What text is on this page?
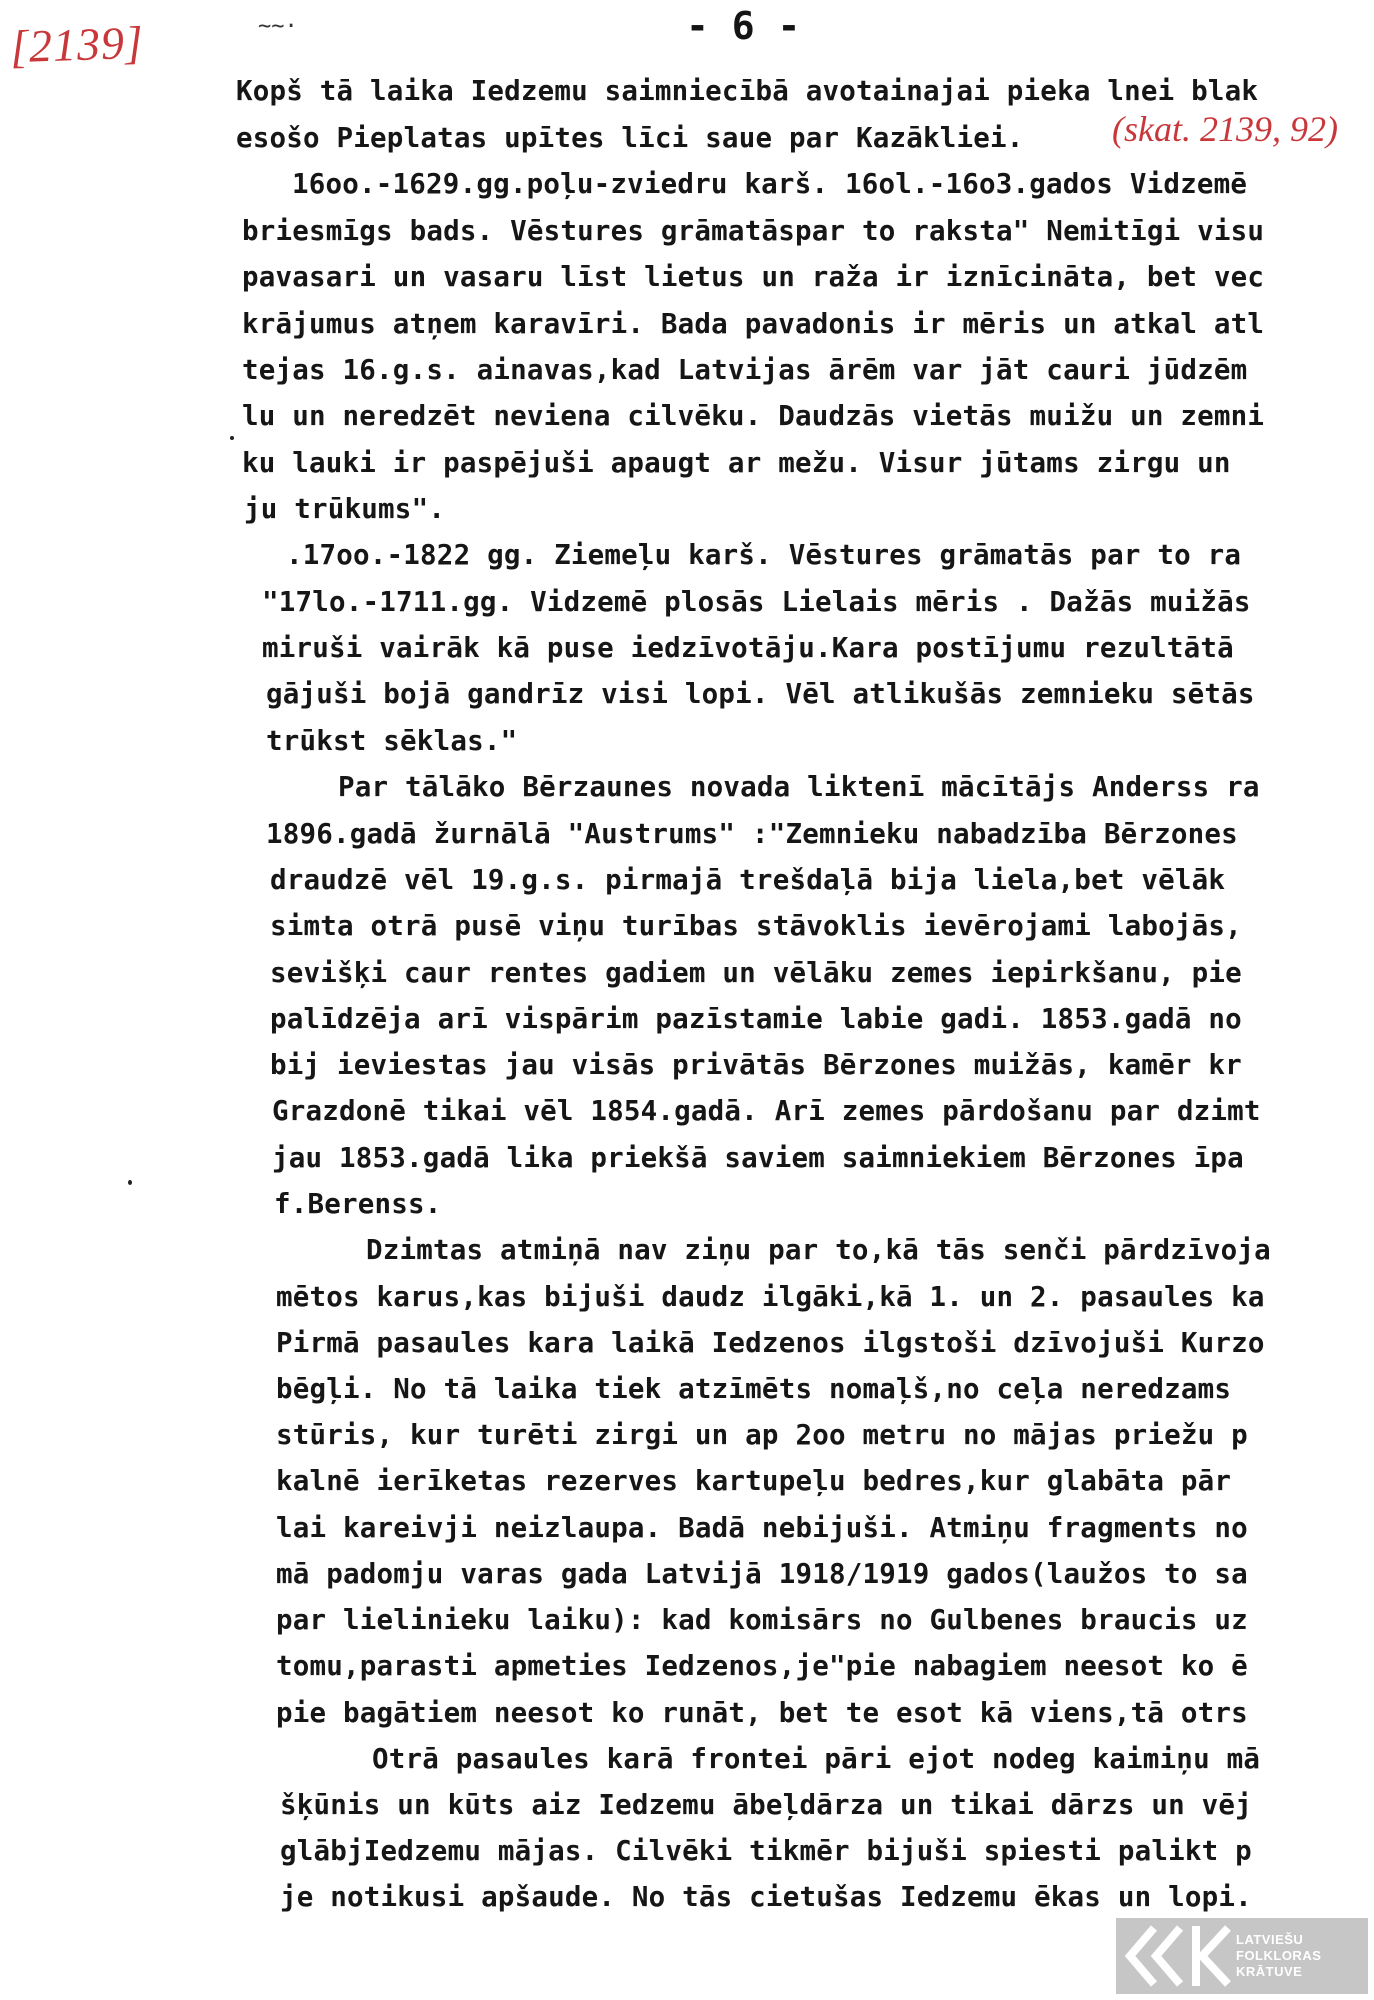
[2139]	~~·	- 6 -
Kopš tā laika Iedzemu saimniecībā avotainajai pieka lnei blak
esošo Pieplatas upītes līci saue par Kazākliei.
16oo.-1629.gg.poļu-zviedru karš. 16ol.-16o3.gados Vidzemē
briesmīgs bads. Vēstures grāmatāspar to raksta" Nemitīgi visu
pavasari un vasaru līst lietus un raža ir iznīcināta, bet vec
krājumus atņem karavīri. Bada pavadonis ir mēris un atkal atl
tejas 16.g.s. ainavas,kad Latvijas ārēm var jāt cauri jūdzēm
lu un neredzēt neviena cilvēku. Daudzās vietās muižu un zemni
ku lauki ir paspējuši apaugt ar mežu. Visur jūtams zirgu un
ju trūkums".
.17oo.-1822 gg. Ziemeļu karš. Vēstures grāmatās par to ra
"17lo.-1711.gg. Vidzemē plosās Lielais mēris . Dažās muižās
miruši vairāk kā puse iedzīvotāju.Kara postījumu rezultātā
gājuši bojā gandrīz visi lopi. Vēl atlikušās zemnieku sētās
trūkst sēklas."
Par tālāko Bērzaunes novada liktenī mācītājs Anderss ra
1896.gadā žurnālā "Austrums" :"Zemnieku nabadzība Bērzones
draudzē vēl 19.g.s. pirmajā trešdaļā bija liela,bet vēlāk
simta otrā pusē viņu turības stāvoklis ievērojami labojās,
sevišķi caur rentes gadiem un vēlāku zemes iepirkšanu, pie
palīdzēja arī vispārim pazīstamie labie gadi. 1853.gadā no
bij ieviestas jau visās privātās Bērzones muižās, kamēr kr
Grazdonē tikai vēl 1854.gadā. Arī zemes pārdošanu par dzimt
jau 1853.gadā lika priekšā saviem saimniekiem Bērzones īpa
f.Berenss.
Dzimtas atmiņā nav ziņu par to,kā tās senči pārdzīvoja
mētos karus,kas bijuši daudz ilgāki,kā 1. un 2. pasaules ka
Pirmā pasaules kara laikā Iedzenos ilgstoši dzīvojuši Kurzo
bēgļi. No tā laika tiek atzīmēts nomaļš,no ceļa neredzams
stūris, kur turēti zirgi un ap 2oo metru no mājas priežu p
kalnē ierīketas rezerves kartupeļu bedres,kur glabāta pār
lai kareivji neizlaupa. Badā nebijuši. Atmiņu fragments no
mā padomju varas gada Latvijā 1918/1919 gados(laužos to sa
par lielinieku laiku): kad komisārs no Gulbenes braucis uz
tomu,parasti apmeties Iedzenos,je"pie nabagiem neesot ko ē
pie bagātiem neesot ko runāt, bet te esot kā viens,tā otrs
Otrā pasaules karā frontei pāri ejot nodeg kaimiņu mā
šķūnis un kūts aiz Iedzemu ābeļdārza un tikai dārzs un vēj
glābjIedzemu mājas. Cilvēki tikmēr bijuši spiesti palikt p
je notikusi apšaude. No tās cietušas Iedzemu ēkas un lopi.
(skat. 2139, 92)
LATVIEŠU
FOLKLORAS
KRĀTUVE
